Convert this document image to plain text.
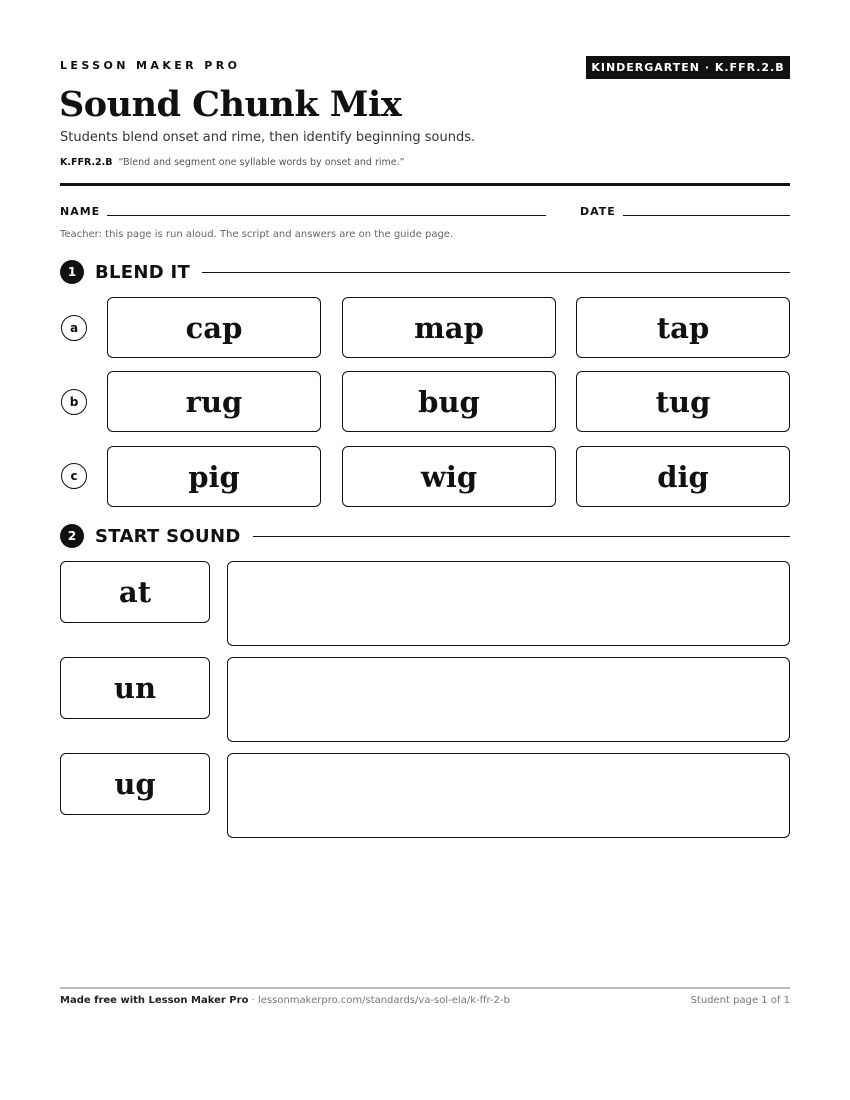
LESSON MAKER PRO	KINDERGARTEN · K.FFR.2.B
Sound Chunk Mix
Students blend onset and rime, then identify beginning sounds.
K.FFR.2.B “Blend and segment one syllable words by onset and rime.”
NAME	DATE
Teacher: this page is run aloud. The script and answers are on the guide page.
1	BLEND IT
a	cap	map	tap
b	rug	bug	tug
c	pig	wig	dig
2	START SOUND
at
un
ug
Made free with Lesson Maker Pro · lessonmakerpro.com/standards/va-sol-ela/k-ffr-2-b	Student page 1 of 1
